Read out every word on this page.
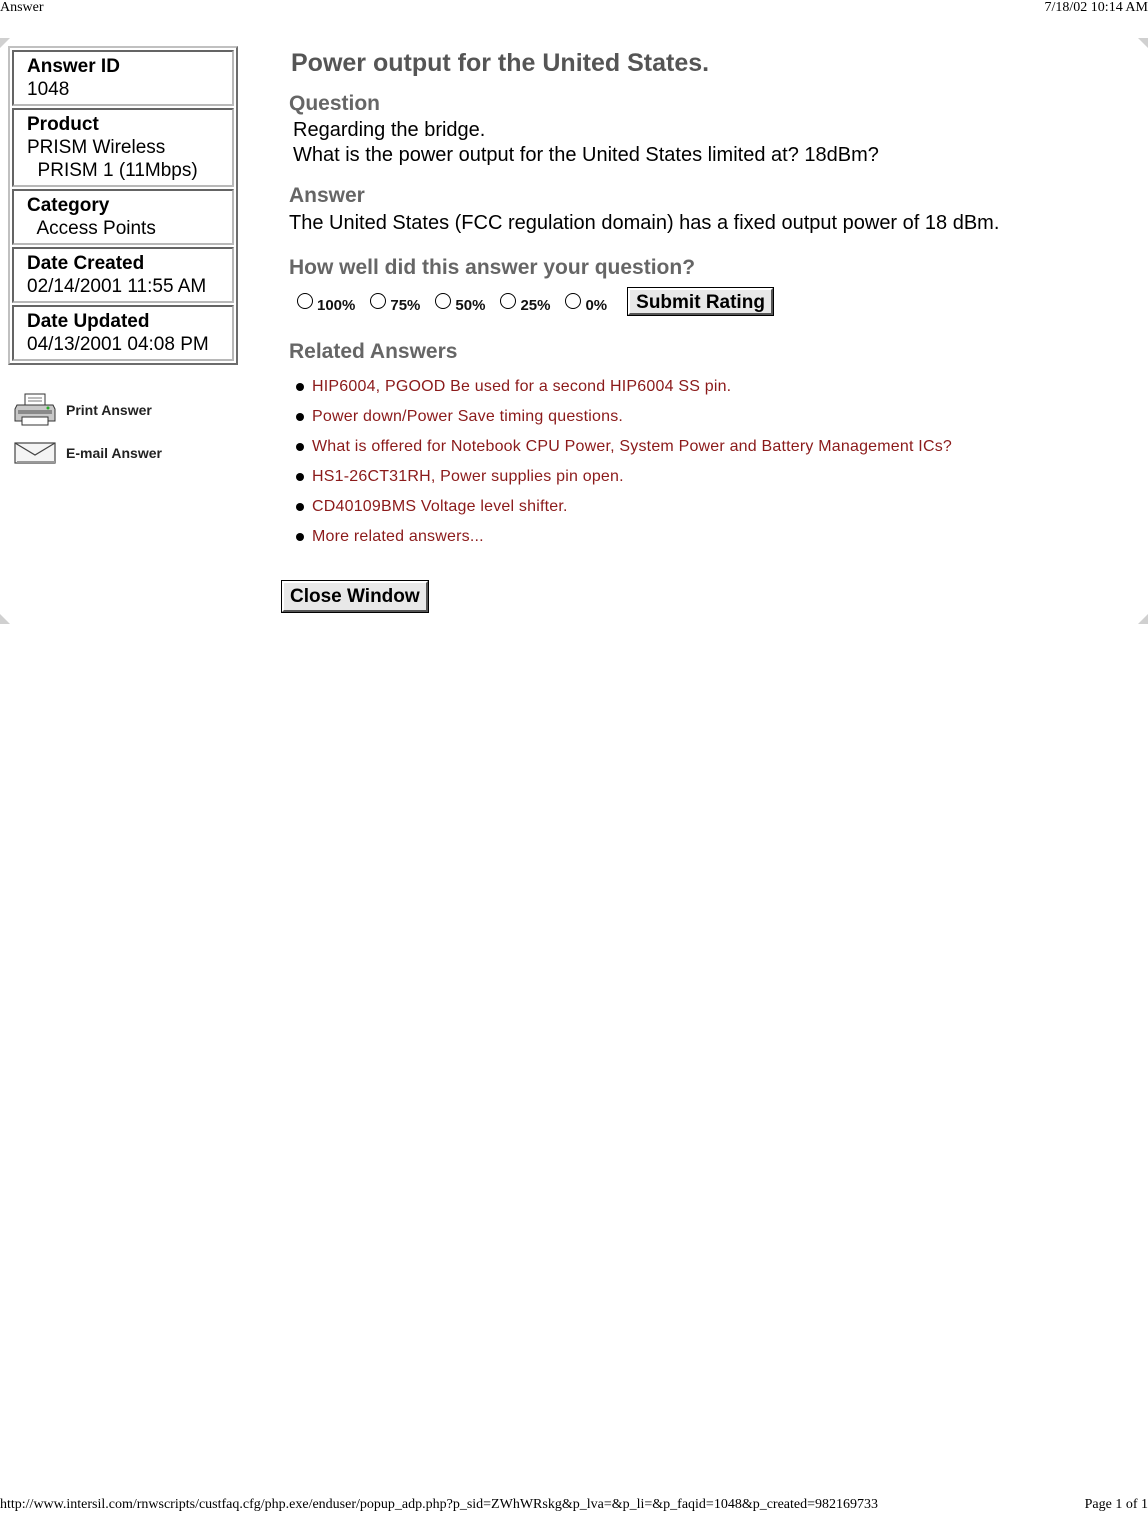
Answer	7/18/02 10:14 AM
Answer ID
1048
Product
PRISM Wireless
PRISM 1 (11Mbps)
Category
Access Points
Date Created
02/14/2001 11:55 AM
Date Updated
04/13/2001 04:08 PM
Print Answer
E-mail Answer
Power output for the United States.
Question
Regarding the bridge.
What is the power output for the United States limited at? 18dBm?
Answer
The United States (FCC regulation domain) has a fixed output power of 18 dBm.
How well did this answer your question?
100% 75% 50% 25% 0%	Submit Rating
Related Answers
HIP6004, PGOOD Be used for a second HIP6004 SS pin.
Power down/Power Save timing questions.
What is offered for Notebook CPU Power, System Power and Battery Management ICs?
HS1-26CT31RH, Power supplies pin open.
CD40109BMS Voltage level shifter.
More related answers...
Close Window
http://www.intersil.com/rnwscripts/custfaq.cfg/php.exe/enduser/popup_adp.php?p_sid=ZWhWRskg&p_lva=&p_li=&p_faqid=1048&p_created=982169733	Page 1 of 1
